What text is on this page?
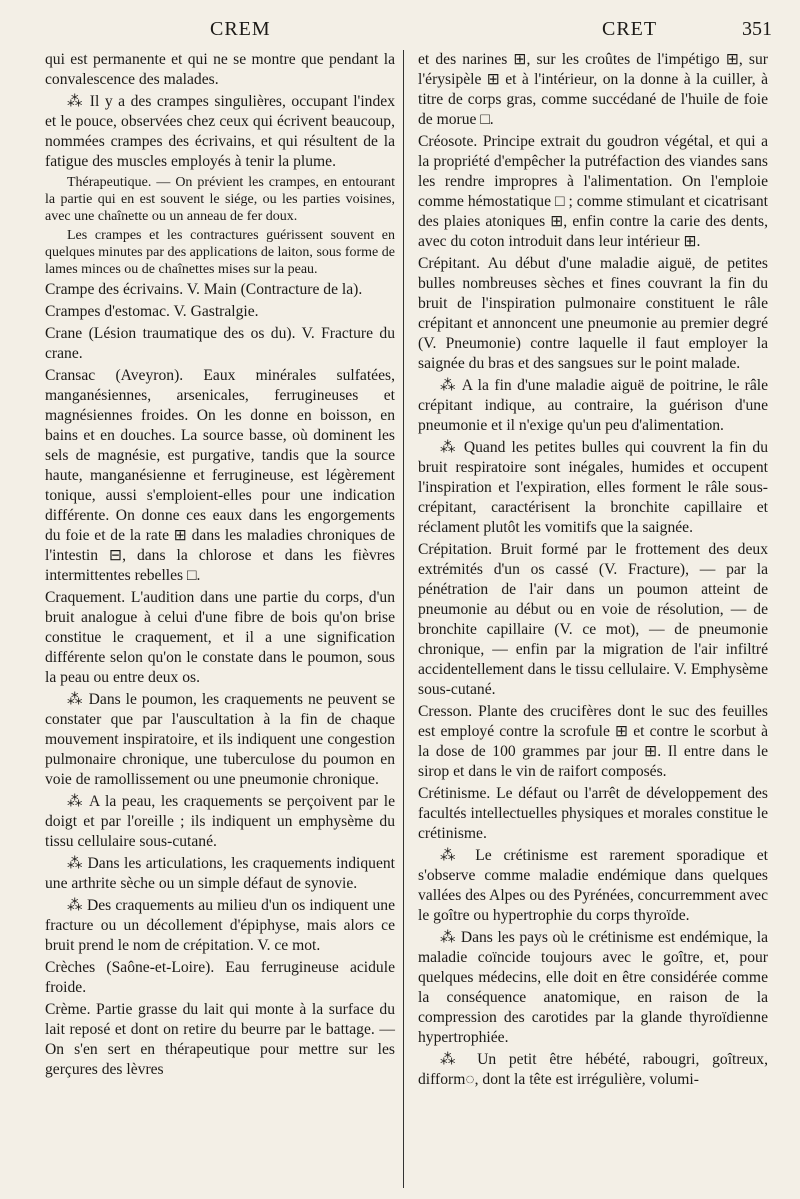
CREM	CRET	351

qui est permanente et qui ne se montre que pendant la convalescence des malades.

⁂ Il y a des crampes singulières, occupant l'index et le pouce, observées chez ceux qui écrivent beaucoup, nommées crampes des écrivains, et qui résultent de la fatigue des muscles employés à tenir la plume.

Thérapeutique. — On prévient les crampes, en entourant la partie qui en est souvent le siége, ou les parties voisines, avec une chaînette ou un anneau de fer doux.

Les crampes et les contractures guérissent souvent en quelques minutes par des applications de laiton, sous forme de lames minces ou de chaînettes mises sur la peau.

Crampe des écrivains. V. Main (Contracture de la).

Crampes d'estomac. V. Gastralgie.

Crane (Lésion traumatique des os du). V. Fracture du crane.

Cransac (Aveyron). Eaux minérales sulfatées, manganésiennes, arsenicales, ferrugineuses et magnésiennes froides. On les donne en boisson, en bains et en douches. La source basse, où dominent les sels de magnésie, est purgative, tandis que la source haute, manganésienne et ferrugineuse, est légèrement tonique, aussi s'emploient-elles pour une indication différente. On donne ces eaux dans les engorgements du foie et de la rate ⊞ dans les maladies chroniques de l'intestin ⊟, dans la chlorose et dans les fièvres intermittentes rebelles □.

Craquement. L'audition dans une partie du corps, d'un bruit analogue à celui d'une fibre de bois qu'on brise constitue le craquement, et il a une signification différente selon qu'on le constate dans le poumon, sous la peau ou entre deux os.

⁂ Dans le poumon, les craquements ne peuvent se constater que par l'auscultation à la fin de chaque mouvement inspiratoire, et ils indiquent une congestion pulmonaire chronique, une tuberculose du poumon en voie de ramollissement ou une pneumonie chronique.

⁂ A la peau, les craquements se perçoivent par le doigt et par l'oreille ; ils indiquent un emphysème du tissu cellulaire sous-cutané.

⁂ Dans les articulations, les craquements indiquent une arthrite sèche ou un simple défaut de synovie.

⁂ Des craquements au milieu d'un os indiquent une fracture ou un décollement d'épiphyse, mais alors ce bruit prend le nom de crépitation. V. ce mot.

Crèches (Saône-et-Loire). Eau ferrugineuse acidule froide.

Crème. Partie grasse du lait qui monte à la surface du lait reposé et dont on retire du beurre par le battage. — On s'en sert en thérapeutique pour mettre sur les gerçures des lèvres

et des narines ⊞, sur les croûtes de l'impétigo ⊞, sur l'érysipèle ⊞ et à l'intérieur, on la donne à la cuiller, à titre de corps gras, comme succédané de l'huile de foie de morue □.

Créosote. Principe extrait du goudron végétal, et qui a la propriété d'empêcher la putréfaction des viandes sans les rendre impropres à l'alimentation. On l'emploie comme hémostatique □ ; comme stimulant et cicatrisant des plaies atoniques ⊞, enfin contre la carie des dents, avec du coton introduit dans leur intérieur ⊞.

Crépitant. Au début d'une maladie aiguë, de petites bulles nombreuses sèches et fines couvrant la fin du bruit de l'inspiration pulmonaire constituent le râle crépitant et annoncent une pneumonie au premier degré (V. Pneumonie) contre laquelle il faut employer la saignée du bras et des sangsues sur le point malade.

⁂ A la fin d'une maladie aiguë de poitrine, le râle crépitant indique, au contraire, la guérison d'une pneumonie et il n'exige qu'un peu d'alimentation.

⁂ Quand les petites bulles qui couvrent la fin du bruit respiratoire sont inégales, humides et occupent l'inspiration et l'expiration, elles forment le râle sous-crépitant, caractérisent la bronchite capillaire et réclament plutôt les vomitifs que la saignée.

Crépitation. Bruit formé par le frottement des deux extrémités d'un os cassé (V. Fracture), — par la pénétration de l'air dans un poumon atteint de pneumonie au début ou en voie de résolution, — de bronchite capillaire (V. ce mot), — de pneumonie chronique, — enfin par la migration de l'air infiltré accidentellement dans le tissu cellulaire. V. Emphysème sous-cutané.

Cresson. Plante des crucifères dont le suc des feuilles est employé contre la scrofule ⊞ et contre le scorbut à la dose de 100 grammes par jour ⊞. Il entre dans le sirop et dans le vin de raifort composés.

Crétinisme. Le défaut ou l'arrêt de développement des facultés intellectuelles physiques et morales constitue le crétinisme.

⁂ Le crétinisme est rarement sporadique et s'observe comme maladie endémique dans quelques vallées des Alpes ou des Pyrénées, concurremment avec le goître ou hypertrophie du corps thyroïde.

⁂ Dans les pays où le crétinisme est endémique, la maladie coïncide toujours avec le goître, et, pour quelques médecins, elle doit en être considérée comme la conséquence anatomique, en raison de la compression des carotides par la glande thyroïdienne hypertrophiée.

⁂ Un petit être hébété, rabougri, goîtreux, difform◌, dont la tête est irrégulière, volumi-
